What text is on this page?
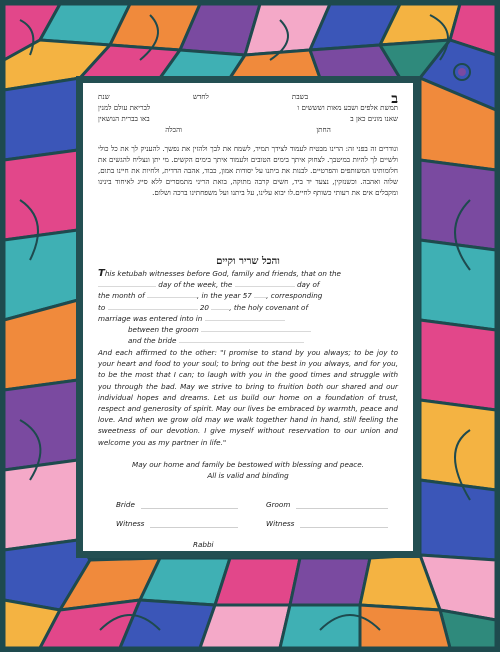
ב
בשבת
לחדש
שנת
תמשת אלפים ושבע מאות ושששים ו
לבריאת עולם למנין
שאנו מונים כאן ב
באו בברית הנושאין
החתן
והכלה
ונודרים זה בפני זה: הרינו מבטיח לעמוד לצידך תמיד, לשמח את לבך ולהזין את נפשך. להעניק לך את כל כולי ולשיים לך להיות במיטבך. לצחוק איתך בימים הטובים ולעמוד איתך בימים הקשים. מי יתן ונצליח להגשים את חלומותינו המשותפים והפרטיים. לבנות את ביתנו על יסודות אמון, כבוד, אהבה הדדית, ולחיות את חיינו בתום, שלוה ואהבה. וכשנזקין, נצעד יד ביד, חשים קרבה מתוקה, בואת הריני מתמסרים ללא סייג לאיחוד בינינו ומקבלים אים את רעותי כשותף לחיים.לו יבוא עלינו, על ביתנו ועל משפחתינו ברכה ושלום.
והכל שריר וקיים
This ketubah witnesses before God, family and friends, that on the
day of the week, the	day of
the month of	, in the year 57 , corresponding
to	20	, the holy covenant of
marriage was entered into in
between the groom
and the bride
And each affirmed to the other: "I promise to stand by you always; to be joy to your heart and food to your soul; to bring out the best in you always, and for you, to be the most that I can; to laugh with you in the good times and struggle with you through the bad. May we strive to bring to fruition both our shared and our individual hopes and dreams. Let us build our home on a foundation of trust, respect and generosity of spirit. May our lives be embraced by warmth, peace and love. And when we grow old may we walk together hand in hand, still feeling the sweetness of our devotion. I give myself without reservation to our union and welcome you as my partner in life."
May our home and family be bestowed with blessing and peace.
All is valid and binding
Bride	Groom
Witness	Witness
Rabbi
